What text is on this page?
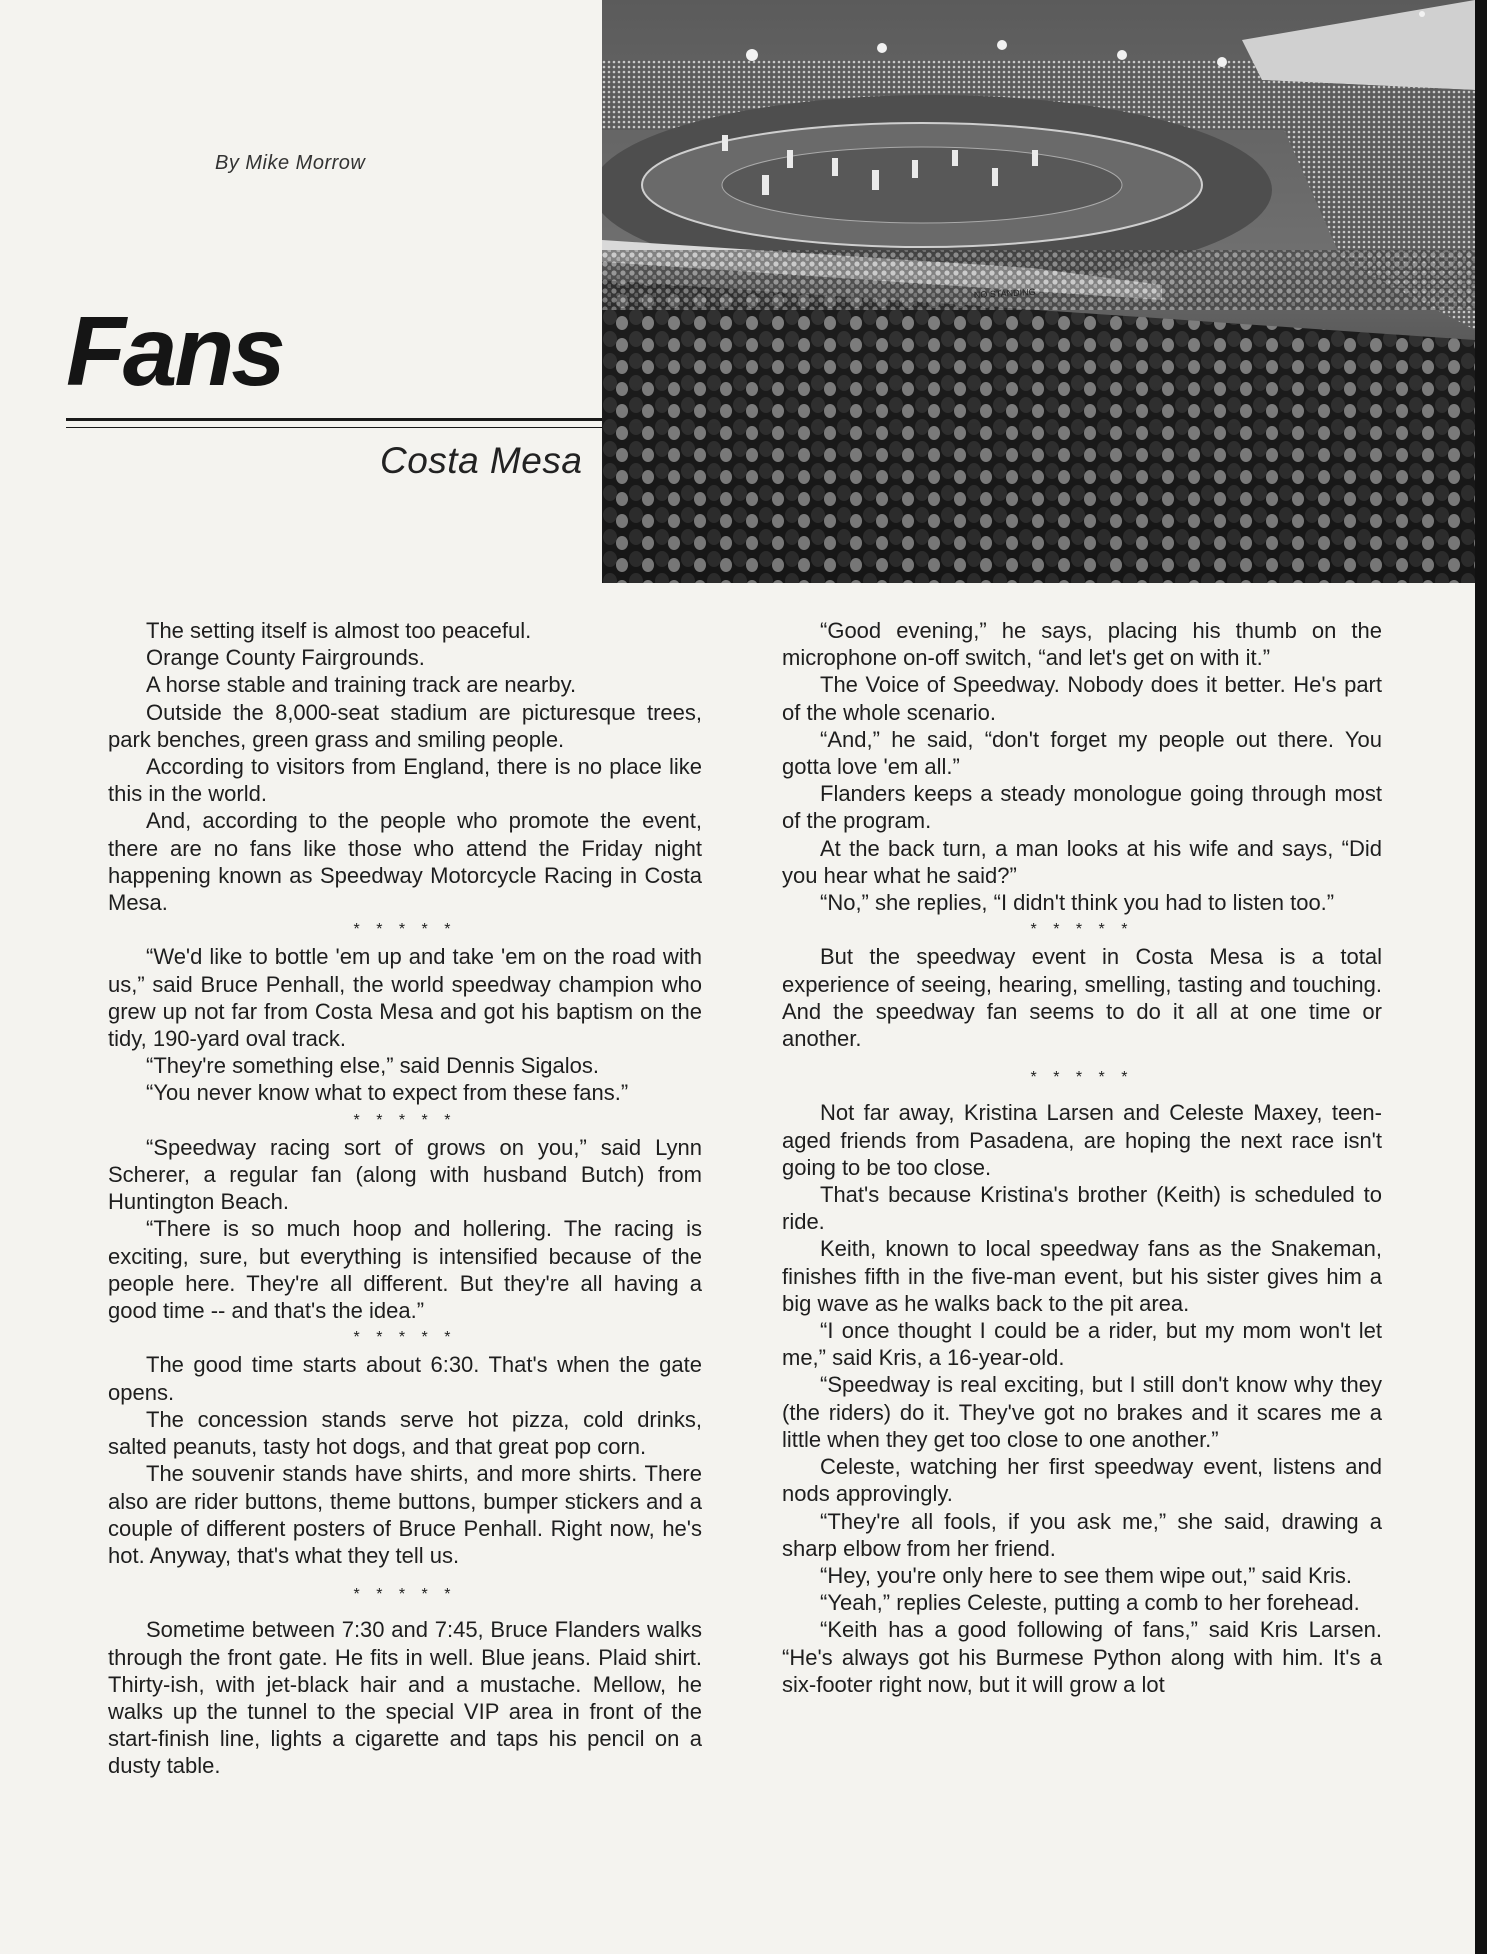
By Mike Morrow
Fans
Costa Mesa
NO STANDING

The setting itself is almost too peaceful.

Orange County Fairgrounds.

A horse stable and training track are nearby.

Outside the 8,000-seat stadium are picturesque trees, park benches, green grass and smiling people.

According to visitors from England, there is no place like this in the world.

And, according to the people who promote the event, there are no fans like those who attend the Friday night happening known as Speedway Motorcycle Racing in Costa Mesa.

* * * * *

“We'd like to bottle 'em up and take 'em on the road with us,” said Bruce Penhall, the world speedway champion who grew up not far from Costa Mesa and got his baptism on the tidy, 190-yard oval track.

“They're something else,” said Dennis Sigalos.

“You never know what to expect from these fans.”

* * * * *

“Speedway racing sort of grows on you,” said Lynn Scherer, a regular fan (along with husband Butch) from Huntington Beach.

“There is so much hoop and hollering. The racing is exciting, sure, but everything is intensified because of the people here. They're all different. But they're all having a good time -- and that's the idea.”

* * * * *

The good time starts about 6:30. That's when the gate opens.

The concession stands serve hot pizza, cold drinks, salted peanuts, tasty hot dogs, and that great pop corn.

The souvenir stands have shirts, and more shirts. There also are rider buttons, theme buttons, bumper stickers and a couple of different posters of Bruce Penhall. Right now, he's hot. Anyway, that's what they tell us.

* * * * *

Sometime between 7:30 and 7:45, Bruce Flanders walks through the front gate. He fits in well. Blue jeans. Plaid shirt. Thirty-ish, with jet-black hair and a mustache. Mellow, he walks up the tunnel to the special VIP area in front of the start-finish line, lights a cigarette and taps his pencil on a dusty table.

“Good evening,” he says, placing his thumb on the microphone on-off switch, “and let's get on with it.”

The Voice of Speedway. Nobody does it better. He's part of the whole scenario.

“And,” he said, “don't forget my people out there. You gotta love 'em all.”

Flanders keeps a steady monologue going through most of the program.

At the back turn, a man looks at his wife and says, “Did you hear what he said?”

“No,” she replies, “I didn't think you had to listen too.”

* * * * *

But the speedway event in Costa Mesa is a total experience of seeing, hearing, smelling, tasting and touching. And the speedway fan seems to do it all at one time or another.

* * * * *

Not far away, Kristina Larsen and Celeste Maxey, teen-aged friends from Pasadena, are hoping the next race isn't going to be too close.

That's because Kristina's brother (Keith) is scheduled to ride.

Keith, known to local speedway fans as the Snakeman, finishes fifth in the five-man event, but his sister gives him a big wave as he walks back to the pit area.

“I once thought I could be a rider, but my mom won't let me,” said Kris, a 16-year-old.

“Speedway is real exciting, but I still don't know why they (the riders) do it. They've got no brakes and it scares me a little when they get too close to one another.”

Celeste, watching her first speedway event, listens and nods approvingly.

“They're all fools, if you ask me,” she said, drawing a sharp elbow from her friend.

“Hey, you're only here to see them wipe out,” said Kris.

“Yeah,” replies Celeste, putting a comb to her forehead.

“Keith has a good following of fans,” said Kris Larsen. “He's always got his Burmese Python along with him. It's a six-footer right now, but it will grow a lot
